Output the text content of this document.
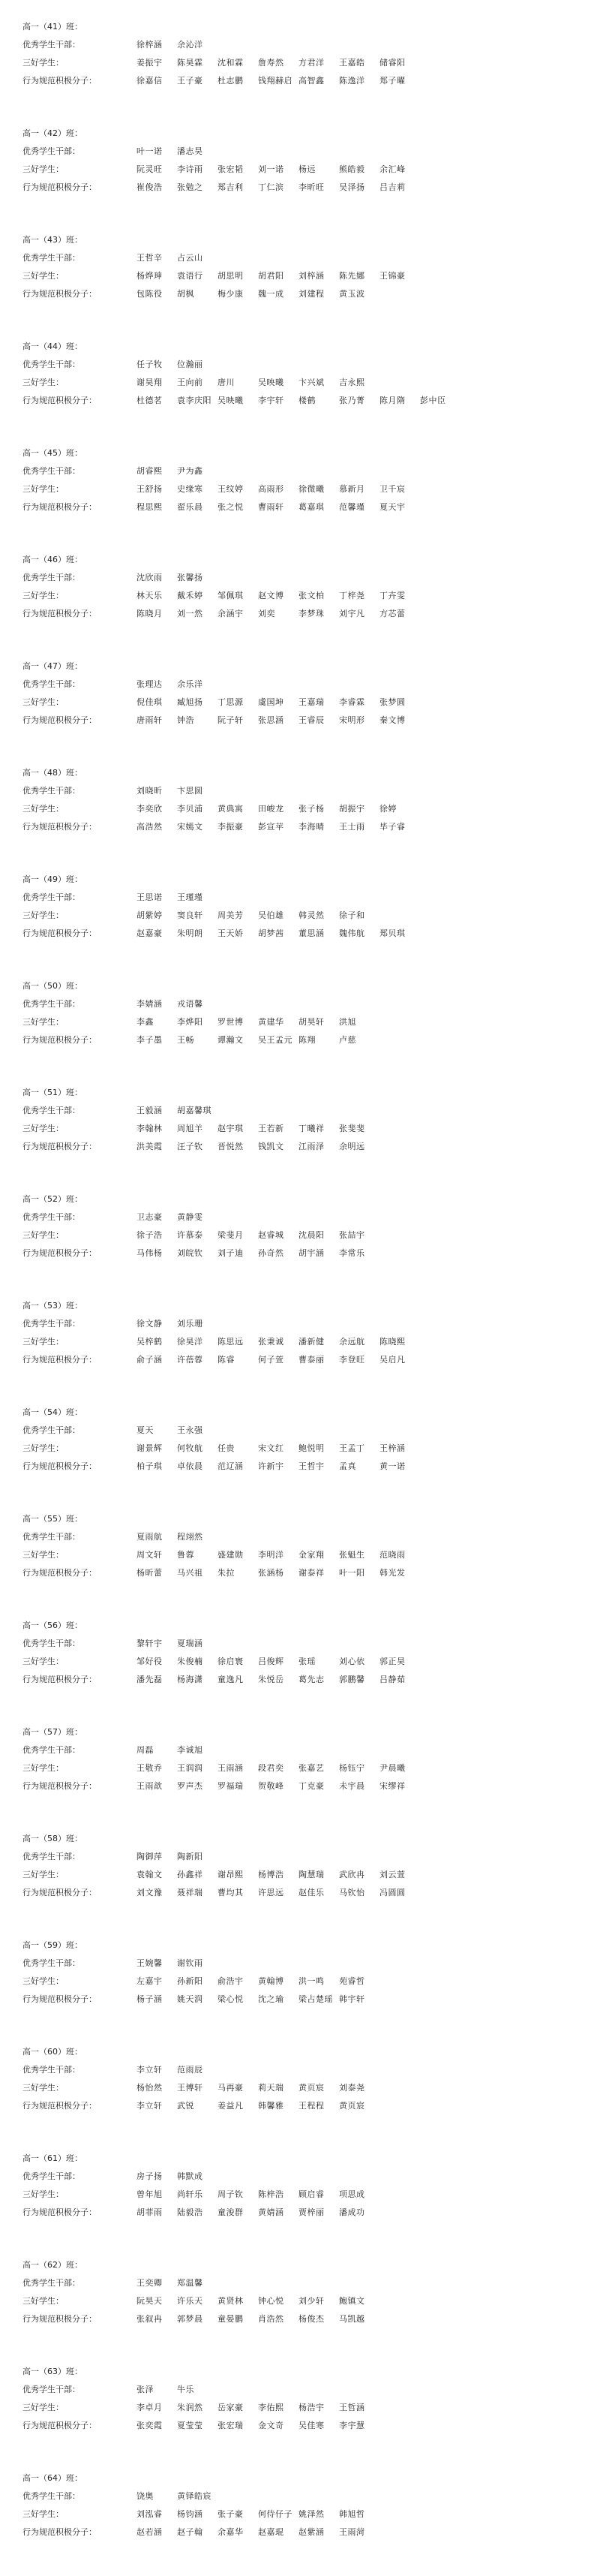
高一（41）班：
优秀学生干部：	徐梓涵 余沁洋
三好学生：	姜振宇 陈昊霖 沈和霖 詹寿然 方君洋 王嘉皓 储睿阳
行为规范积极分子：	徐嘉信 王子豪 杜志鹏 钱翔赫启 高智鑫 陈逸洋 郑子曜
高一（42）班：
优秀学生干部：	叶一诺 潘志昊
三好学生：	阮灵旺 李诗雨 张宏韬 刘一诺 杨远	熊皓毅 余汇峰
行为规范积极分子：	崔俊浩 张勉之 郑吉利 丁仁滨 李昕旺 吴泽扬 吕吉莉
高一（43）班：
优秀学生干部：	王哲辛 占云山
三好学生：	杨烨珅 袁语行 胡思明 胡君阳 刘梓涵 陈先娜 王锦豪
行为规范积极分子：	包陈役 胡枫	梅少康 魏一成 刘建程 黄玉波
高一（44）班：
优秀学生干部：	任子牧 位瀚丽
三好学生：	谢昊翔 王向前 唐川	吴映曦 卞兴斌 吉永熙
行为规范积极分子：	杜德茗 袁李庆阳 吴映曦 李宇轩 楼鹤	张乃菁 陈月隋 彭中臣
高一（45）班：
优秀学生干部：	胡睿熙 尹为鑫
三好学生：	王舒扬 史缘寒 王纹婷 高雨形 徐微曦 慕新月 卫千宸
行为规范积极分子：	程思熙 翟乐晨 张之悦 曹雨轩 葛嘉琪 范馨瑾 夏天宇
高一（46）班：
优秀学生干部：	沈欣雨 张馨扬
三好学生：	林天乐 戴禾婷 邹佩琪 赵文博 张文柏 丁梓尧 丁卉雯
行为规范积极分子：	陈晓月 刘一然 余涵宇 刘奕	李梦珠 刘宇凡 方芯蕾
高一（47）班：
优秀学生干部：	张理达 余乐洋
三好学生：	倪佳琪 臧旭扬 丁思源 虞国坤 王嘉瑞 李睿霖 张梦圆
行为规范积极分子：	唐雨轩 钟浩	阮子轩 张思涵 王睿辰 宋明形 秦文博
高一（48）班：
优秀学生干部：	刘晓昕 卞思圆
三好学生：	李奕欣 李贝浦 黄典寓 田峻龙 张子杨 胡振宇 徐婷
行为规范积极分子：	高浩然 宋嫣文 李振豪 彭宣苹 李海晴 王士雨 毕子睿
高一（49）班：
优秀学生干部：	王思诺 王瑾瑾
三好学生：	胡紫婷 窦良轩 周美芳 吴伯雄 韩灵然 徐子和
行为规范积极分子：	赵嘉豪 朱明朗 王天娇 胡梦茜 董思涵 魏伟航 郑贝琪
高一（50）班：
优秀学生干部：	李婧涵 戎语馨
三好学生：	李鑫	李烨阳 罗世博 黄建华 胡昊轩 洪旭
行为规范积极分子：	李子墨 王畅	谭瀚文 吴王孟元 陈翔	卢慈
高一（51）班：
优秀学生干部：	王毅涵 胡嘉馨琪
三好学生：	李翰林 周旭羊 赵宇琪 王若新 丁曦祥 张斐斐
行为规范积极分子：	洪美霞 汪子钦 晋悦然 钱凯文 江雨泽 余明远
高一（52）班：
优秀学生干部：	卫志豪 黄静雯
三好学生：	徐子浩 许慕泰 梁斐月 赵睿城 沈晨阳 张喆宇
行为规范积极分子：	马伟杨 刘皖钦 刘子迪 孙奇然 胡宇涵 李常乐
高一（53）班：
优秀学生干部：	徐文静 刘乐珊
三好学生：	吴梓鹤 徐昊洋 陈思远 张秉诚 潘新健 余远航 陈晓熙
行为规范积极分子：	俞子涵 许蓓蓉 陈睿	何子萱 曹泰丽 李登旺 吴启凡
高一（54）班：
优秀学生干部：	夏天	王永强
三好学生：	谢景辉 何牧航 任贵	宋文红 鲍悦明 王孟丁 王梓涵
行为规范积极分子：	柏子琪 卓依晨 范辽涵 许新宇 王哲宇 孟真	黄一诺
高一（55）班：
优秀学生干部：	夏雨航 程翊然
三好学生：	周文轩 鲁蓉	盛建勋 李明洋 金家翔 张魁生 范晓雨
行为规范积极分子：	杨昕蕾 马兴祖 朱拉	张涵杨 谢泰祥 叶一阳 韩光发
高一（56）班：
优秀学生干部：	黎轩宇 夏瑞涵
三好学生：	邹好役 朱俊楠 徐启寰 吕俊辉 张瑶	刘心依 郭正昊
行为规范积极分子：	潘先磊 杨海潇 童逸凡 朱悦岳 葛先志 郭鹏馨 吕静茹
高一（57）班：
优秀学生干部：	周磊	李诚旭
三好学生：	王敬乔 王润润 王雨涵 段君奕 张嘉艺 杨钰宁 尹晨曦
行为规范积极分子：	王雨歆 罗声杰 罗福瑞 贺敬峰 丁克豪 未宇晨 宋缪祥
高一（58）班：
优秀学生干部：	陶御萍 陶新阳
三好学生：	袁翰文 孙鑫祥 谢昂熙 杨博浩 陶慧瑞 武欣冉 刘云萱
行为规范积极分子：	刘文豫 聂祥瑞 曹均其 许思远 赵佳乐 马钦怡 冯圆圆
高一（59）班：
优秀学生干部：	王婉馨 谢钦雨
三好学生：	左嘉宇 孙新阳 俞浩宇 黄翰博 洪一鸣 苑睿哲
行为规范积极分子：	杨子涵 姚天润 梁心悦 沈之瑜 梁占楚瑶 韩宇轩
高一（60）班：
优秀学生干部：	李立轩 范雨辰
三好学生：	杨怡然 王博轩 马再豪 莉天瑞 黄页宸 刘泰尧
行为规范积极分子：	李立轩 武锐	姜益凡 韩馨雅 王程程 黄页宸
高一（61）班：
优秀学生干部：	房子扬 韩默成
三好学生：	曾年旭 尚轩乐 周子钦 陈梓浩 顾启睿 项思成
行为规范积极分子：	胡菲雨 陆毅浩 童浚群 黄婧涵 贾梓丽 潘成功
高一（62）班：
优秀学生干部：	王奕卿 郑温馨
三好学生：	阮昊天 许乐天 黄贤林 钟心悦 刘少轩 鲍镇文
行为规范积极分子：	张叙冉 郭梦晨 童晏鹏 肖浩然 杨俊杰 马凯越
高一（63）班：
优秀学生干部：	张泽	牛乐
三好学生：	李卓月 朱润然 岳家豪 李佑熙 杨浩宇 王哲涵
行为规范积极分子：	张奕霞 夏莹莹 张宏瑞 金文奇 吴佳寒 李宇慧
高一（64）班：
优秀学生干部：	饶奥	黄铎皓宸
三好学生：	刘泓睿 杨钧涵 张子豪 何侍仔子 姚泽然 韩旭哲
行为规范积极分子：	赵若涵 赵子翰 余嘉华 赵嘉琨 赵紫涵 王雨菏
